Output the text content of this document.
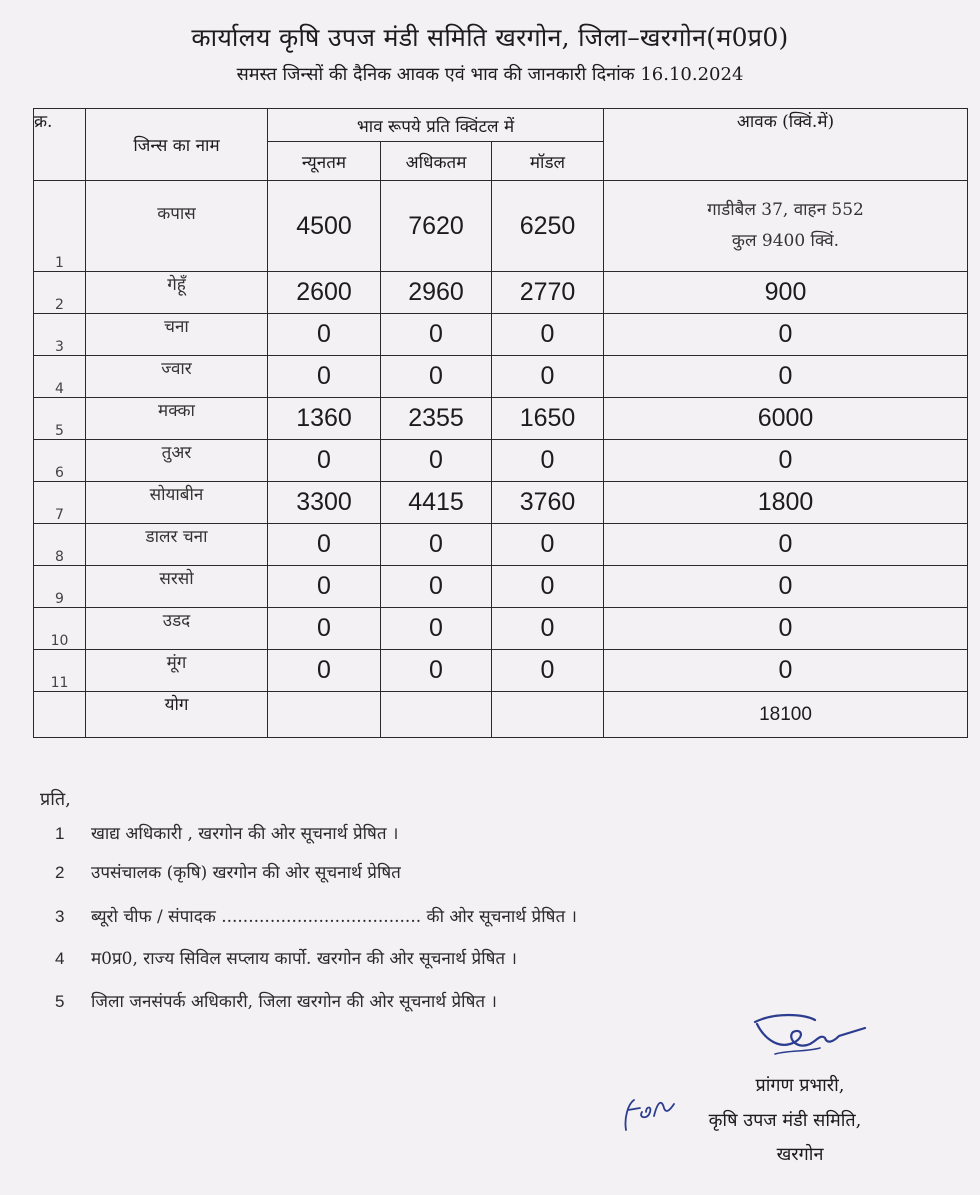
कार्यालय कृषि उपज मंडी समिति खरगोन, जिला–खरगोन(म0प्र0)
समस्त जिन्सों की दैनिक आवक एवं भाव की जानकारी दिनांक 16.10.2024
क्र.	जिन्स का नाम	भाव रूपये प्रति क्विंटल में			आवक (क्विं.में)
		न्यूनतम	अधिकतम	मॉडल	
1	कपास	4500	7620	6250	गाडीबैल 37, वाहन 552
कुल 9400 क्विं.

2	गेहूँ	2600	2960	2770	900
3	चना	0	0	0	0
4	ज्वार	0	0	0	0
5	मक्का	1360	2355	1650	6000
6	तुअर	0	0	0	0
7	सोयाबीन	3300	4415	3760	1800
8	डालर चना	0	0	0	0
9	सरसो	0	0	0	0
10	उडद	0	0	0	0
11	मूंग	0	0	0	0
	योग				18100
प्रति,
1 खाद्य अधिकारी , खरगोन की ओर सूचनार्थ प्रेषित ।
2 उपसंचालक (कृषि) खरगोन की ओर सूचनार्थ प्रेषित
3 ब्यूरो चीफ / संपादक ..................................... की ओर सूचनार्थ प्रेषित ।
4 म0प्र0, राज्य सिविल सप्लाय कार्पो. खरगोन की ओर सूचनार्थ प्रेषित ।
5 जिला जनसंपर्क अधिकारी, जिला खरगोन की ओर सूचनार्थ प्रेषित ।
प्रांगण प्रभारी,
कृषि उपज मंडी समिति,
खरगोन
